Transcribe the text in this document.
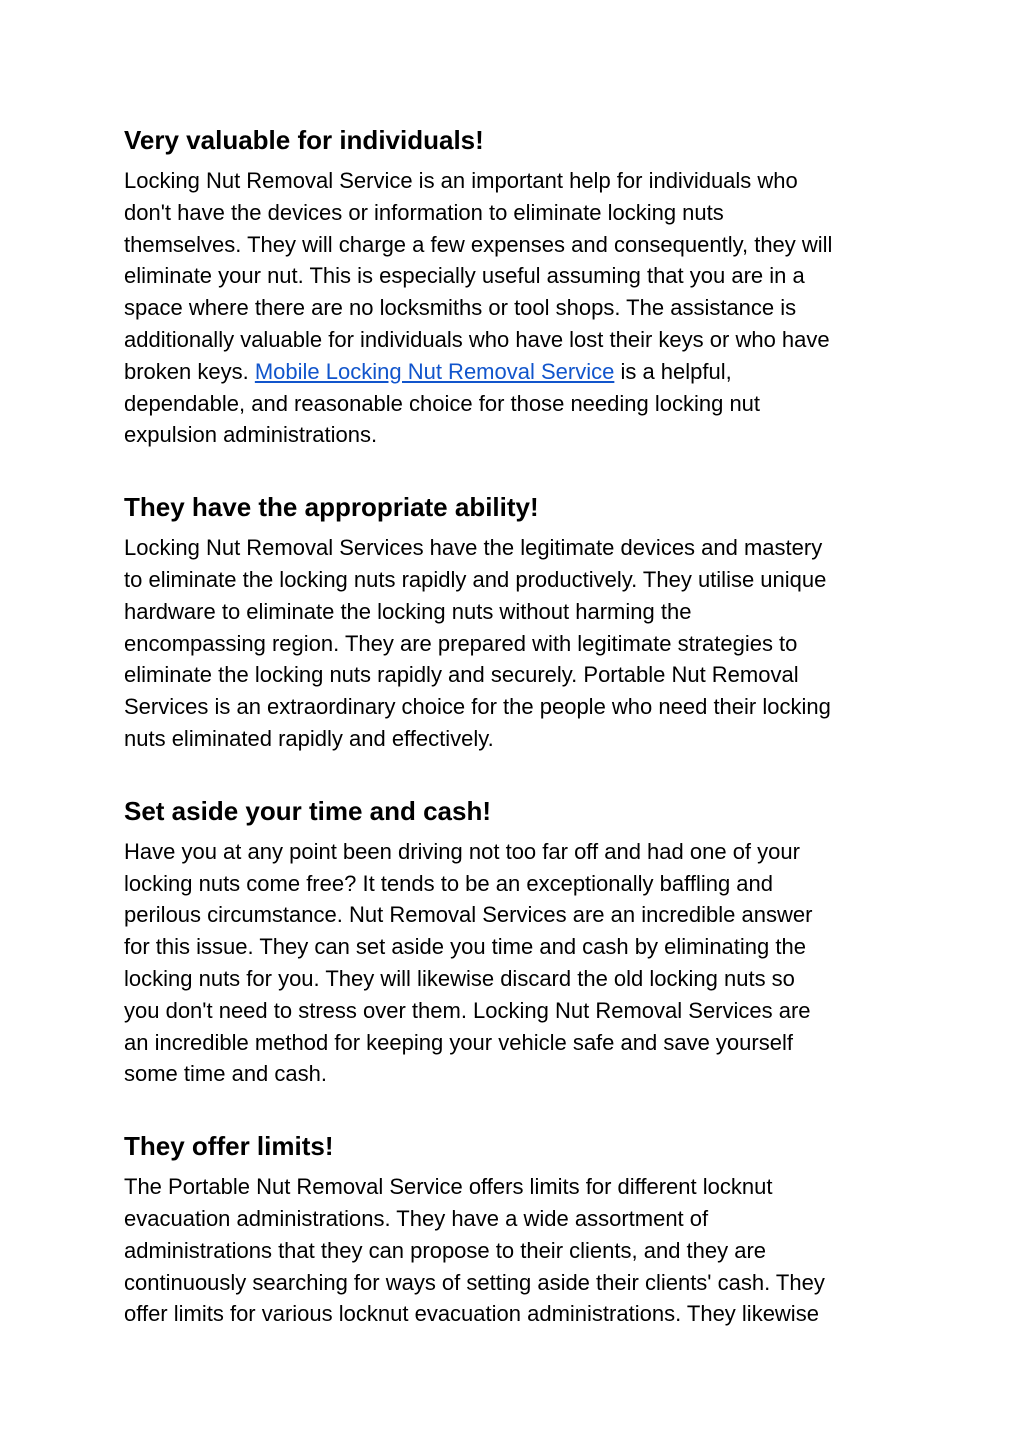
Very valuable for individuals!

Locking Nut Removal Service is an important help for individuals who
don't have the devices or information to eliminate locking nuts
themselves. They will charge a few expenses and consequently, they will
eliminate your nut. This is especially useful assuming that you are in a
space where there are no locksmiths or tool shops. The assistance is
additionally valuable for individuals who have lost their keys or who have
broken keys. Mobile Locking Nut Removal Service is a helpful,
dependable, and reasonable choice for those needing locking nut
expulsion administrations.

They have the appropriate ability!

Locking Nut Removal Services have the legitimate devices and mastery
to eliminate the locking nuts rapidly and productively. They utilise unique
hardware to eliminate the locking nuts without harming the
encompassing region. They are prepared with legitimate strategies to
eliminate the locking nuts rapidly and securely. Portable Nut Removal
Services is an extraordinary choice for the people who need their locking
nuts eliminated rapidly and effectively.

Set aside your time and cash!

Have you at any point been driving not too far off and had one of your
locking nuts come free? It tends to be an exceptionally baffling and
perilous circumstance. Nut Removal Services are an incredible answer
for this issue. They can set aside you time and cash by eliminating the
locking nuts for you. They will likewise discard the old locking nuts so
you don't need to stress over them. Locking Nut Removal Services are
an incredible method for keeping your vehicle safe and save yourself
some time and cash.

They offer limits!

The Portable Nut Removal Service offers limits for different locknut
evacuation administrations. They have a wide assortment of
administrations that they can propose to their clients, and they are
continuously searching for ways of setting aside their clients' cash. They
offer limits for various locknut evacuation administrations. They likewise
